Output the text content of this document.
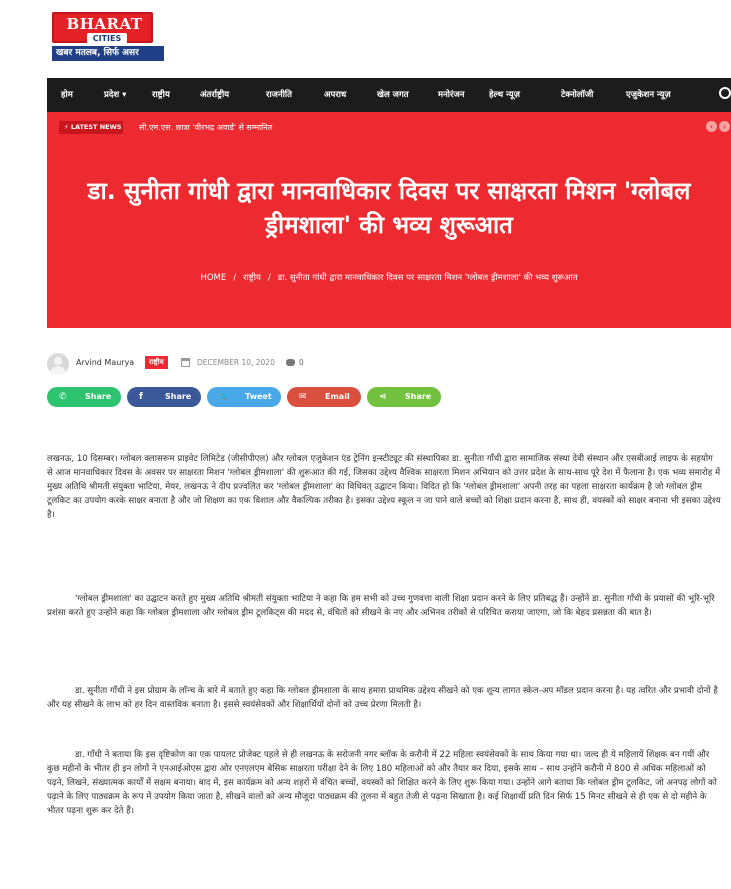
BHARAT
CITIES
खबर मतलब, सिर्फ असर
होम	प्रदेश ▾	राष्ट्रीय	अंतर्राष्ट्रीय	राजनीति	अपराध	खेल जगत	मनोरंजन	हेल्थ न्यूज़	टेक्नोलॉजी	एजुकेशन न्यूज़
⚡ LATEST NEWS सी.एम.एस. छात्रा 'वीरभद्र अवार्ड' से सम्मानित	‹	›
डा. सुनीता गांधी द्वारा मानवाधिकार दिवस पर साक्षरता मिशन 'ग्लोबल ड्रीमशाला' की भव्य शुरूआत
HOME / राष्ट्रीय / डा. सुनीता गांधी द्वारा मानवाधिकार दिवस पर साक्षरता मिशन 'ग्लोबल ड्रीमशाला' की भव्य शुरूआत
Arvind Maurya	राष्ट्रीय	DECEMBER 10, 2020	0
✆ Share	f	Share	🐦 Tweet	✉ Email	⋖ Share

लखनऊ, 10 दिसम्बर। ग्लोबल क्लासरूम प्राइवेट लिमिटेड (जीसीपीएल) और ग्लोबल एजुकेशन एंड ट्रेनिंग इन्स्टीट्यूट की संस्थापिका डा. सुनीता गाँधी द्वारा सामाजिक संस्था देवी संस्थान और एसबीआई लाइफ के सहयोग से आज मानवाधिकार दिवस के अवसर पर साक्षरता मिशन 'ग्लोबल ड्रीमशाला' की शुरूआत की गई, जिसका उद्देश्य वैश्विक साक्षरता मिशन अभियान को उत्तर प्रदेश के साथ-साथ पूरे देश में फैलाना है। एक भव्य समारोह में मुख्य अतिथि श्रीमती संयुक्ता भाटिया, मेयर, लखनऊ ने दीप प्रज्वलित कर 'ग्लोबल ड्रीमशाला' का विधिवत् उद्घाटन किया। विदित हो कि 'ग्लोबल ड्रीमशाला' अपनी तरह का पहला साक्षरता कार्यक्रम है जो ग्लोबल ड्रीम टूलकिट का उपयोग करके साक्षर बनाता है और जो शिक्षण का एक विशाल और वैकल्पिक तरीका है। इसका उद्देश्य स्कूल न जा पाने वाले बच्चों को शिक्षा प्रदान करना है, साथ ही, वयस्कों को साक्षर बनाना भी इसका उद्देश्य है।

'ग्लोबल ड्रीमशाला' का उद्घाटन करते हुए मुख्य अतिथि श्रीमती संयुक्ता भाटिया ने कहा कि हम सभी को उच्च गुणवत्ता वाली शिक्षा प्रदान करने के लिए प्रतिबद्ध हैं। उन्होंने डा. सुनीता गाँधी के प्रयासों की भूरि-भूरि प्रशंसा करते हुए उन्होंने कहा कि ग्लोबल ड्रीमशाला और ग्लोबल ड्रीम टूलकिट्स की मदद से, वंचितों को सीखने के नए और अभिनव तरीकों से परिचित कराया जाएगा, जो कि बेहद प्रसन्नता की बात है।

डा. सुनीता गाँधी ने इस प्रोग्राम के लॉन्च के बारे में बताते हुए कहा कि ग्लोबल ड्रीमशाला के साथ हमारा प्राथमिक उद्देश्य सीखने को एक शून्य लागत स्केल-अप मॉडल प्रदान करना है। यह त्वरित और प्रभावी दोनों है और यह सीखने के लाभ को हर दिन वास्तविक बनाता है। इससे स्वयंसेवकों और शिक्षार्थियों दोनों को उच्च प्रेरणा मिलती है।

डा. गाँधी ने बताया कि इस दृष्टिकोण का एक पायलट प्रोजेक्ट पहले से ही लखनऊ के सरोजनी नगर ब्लॉक के करौनी में 22 महिला स्वयंसेवकों के साथ किया गया था। जल्द ही ये महिलायें शिक्षक बन गयीं और कुछ महीनों के भीतर ही इन लोगों ने एनआईओएस द्वारा ओर एनएलएम बेसिक साक्षरता परीक्षा देने के लिए 180 महिलाओं को और तैयार कर दिया, इसके साथ – साथ उन्होंने करौनी में 800 से अधिक महिलाओं को पढ़ने, लिखने, संख्यात्मक कार्यों में सक्षम बनाया। बाद में, इस कार्यक्रम को अन्य शहरों में वंचित बच्चों, वयस्कों को शिक्षित करने के लिए शुरू किया गया। उन्होंने आगे बताया कि ग्लोबल ड्रीम टूलकिट, जो अनपढ़ लोगों को पढ़ाने के लिए पाठ्यक्रम के रूप में उपयोग किया जाता है, सीखने वालों को अन्य मौजूदा पाठ्यक्रम की तुलना में बहुत तेजी से पढ़ना सिखाता है। कई शिक्षार्थी प्रति दिन सिर्फ 15 मिनट सीखने से ही एक से दो महीने के भीतर पढ़ना शुरू कर देते हैं।
